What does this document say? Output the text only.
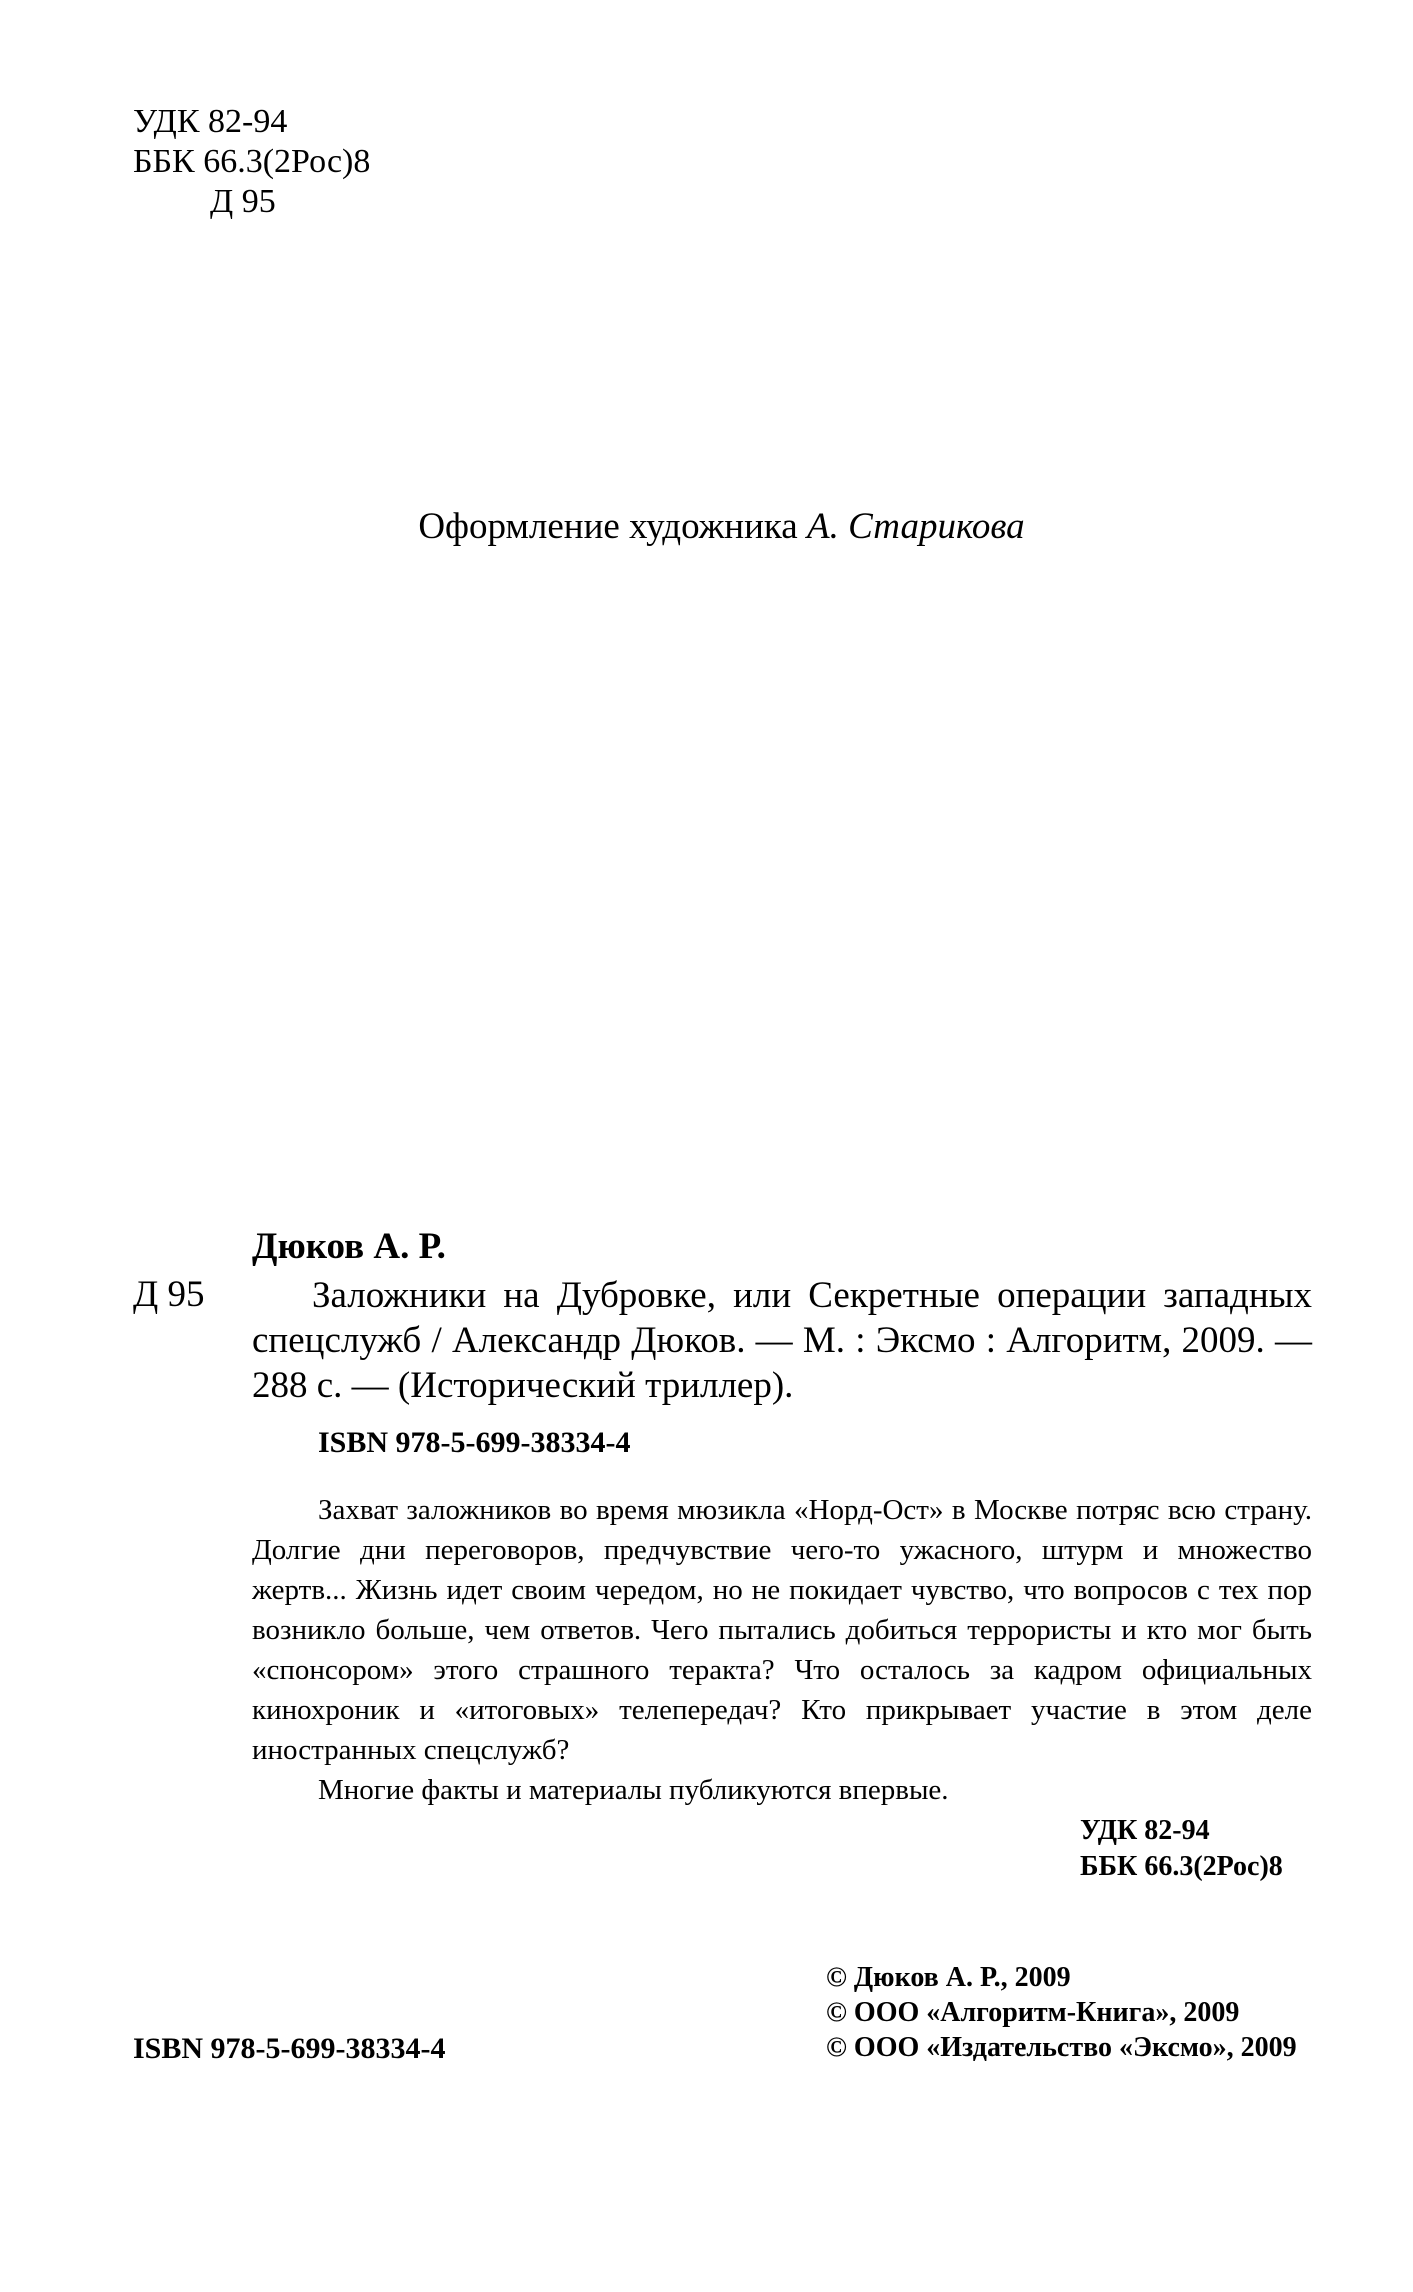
УДК 82-94
ББК 66.3(2Рос)8
Д 95
Оформление художника А. Старикова
Дюков А. Р.
Д 95	Заложники на Дубровке, или Секретные операции западных спецслужб / Александр Дюков. — М. : Эксмо : Алгоритм, 2009. — 288 с. — (Исторический триллер).
ISBN 978-5-699-38334-4

Захват заложников во время мюзикла «Норд-Ост» в Москве потряс всю страну. Долгие дни переговоров, предчувствие чего-то ужасного, штурм и множество жертв... Жизнь идет своим чередом, но не покидает чувство, что вопросов с тех пор возникло больше, чем ответов. Чего пытались добиться террористы и кто мог быть «спонсором» этого страшного теракта? Что осталось за кадром официальных кинохроник и «итоговых» телепередач? Кто прикрывает участие в этом деле иностранных спецслужб?

Многие факты и материалы публикуются впервые.

УДК 82-94
ББК 66.3(2Рос)8
© Дюков А. Р., 2009
© ООО «Алгоритм-Книга», 2009
© ООО «Издательство «Эксмо», 2009
ISBN 978-5-699-38334-4
